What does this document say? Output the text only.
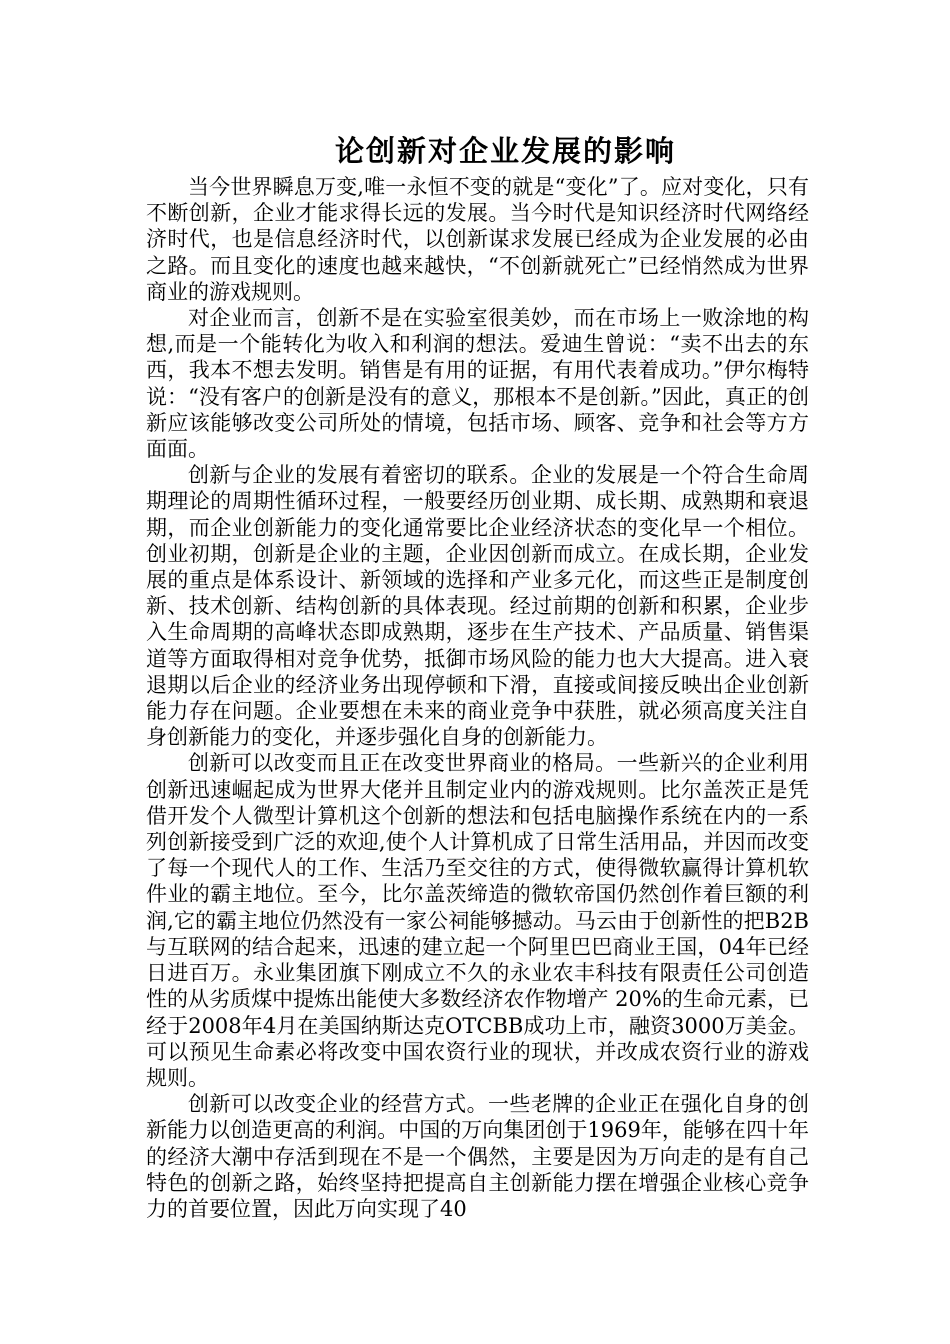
论创新对企业发展的影响

当今世界瞬息万变,唯一永恒不变的就是“变化”了。应对变化，只有不断创新，企业才能求得长远的发展。当今时代是知识经济时代网络经济时代，也是信息经济时代，以创新谋求发展已经成为企业发展的必由之路。而且变化的速度也越来越快，“不创新就死亡”已经悄然成为世界商业的游戏规则。

对企业而言，创新不是在实验室很美妙，而在市场上一败涂地的构想,而是一个能转化为收入和利润的想法。爱迪生曾说：“卖不出去的东西，我本不想去发明。销售是有用的证据，有用代表着成功。”伊尔梅特说：“没有客户的创新是没有的意义，那根本不是创新。”因此，真正的创新应该能够改变公司所处的情境，包括市场、顾客、竞争和社会等方方面面。

创新与企业的发展有着密切的联系。企业的发展是一个符合生命周期理论的周期性循环过程，一般要经历创业期、成长期、成熟期和衰退期，而企业创新能力的变化通常要比企业经济状态的变化早一个相位。创业初期，创新是企业的主题，企业因创新而成立。在成长期，企业发展的重点是体系设计、新领域的选择和产业多元化，而这些正是制度创新、技术创新、结构创新的具体表现。经过前期的创新和积累，企业步入生命周期的高峰状态即成熟期，逐步在生产技术、产品质量、销售渠道等方面取得相对竞争优势，抵御市场风险的能力也大大提高。进入衰退期以后企业的经济业务出现停顿和下滑，直接或间接反映出企业创新能力存在问题。企业要想在未来的商业竞争中获胜，就必须高度关注自身创新能力的变化，并逐步强化自身的创新能力。

创新可以改变而且正在改变世界商业的格局。一些新兴的企业利用创新迅速崛起成为世界大佬并且制定业内的游戏规则。比尔盖茨正是凭借开发个人微型计算机这个创新的想法和包括电脑操作系统在内的一系列创新接受到广泛的欢迎,使个人计算机成了日常生活用品，并因而改变了每一个现代人的工作、生活乃至交往的方式，使得微软赢得计算机软件业的霸主地位。至今，比尔盖茨缔造的微软帝国仍然创作着巨额的利润,它的霸主地位仍然没有一家公祠能够撼动。马云由于创新性的把B2B与互联网的结合起来，迅速的建立起一个阿里巴巴商业王国，04年已经日进百万。永业集团旗下刚成立不久的永业农丰科技有限责任公司创造性的从劣质煤中提炼出能使大多数经济农作物增产 20%的生命元素，已经于2008年4月在美国纳斯达克OTCBB成功上市，融资3000万美金。可以预见生命素必将改变中国农资行业的现状，并改成农资行业的游戏规则。

创新可以改变企业的经营方式。一些老牌的企业正在强化自身的创新能力以创造更高的利润。中国的万向集团创于1969年，能够在四十年的经济大潮中存活到现在不是一个偶然，主要是因为万向走的是有自己特色的创新之路，始终坚持把提高自主创新能力摆在增强企业核心竞争力的首要位置，因此万向实现了40
